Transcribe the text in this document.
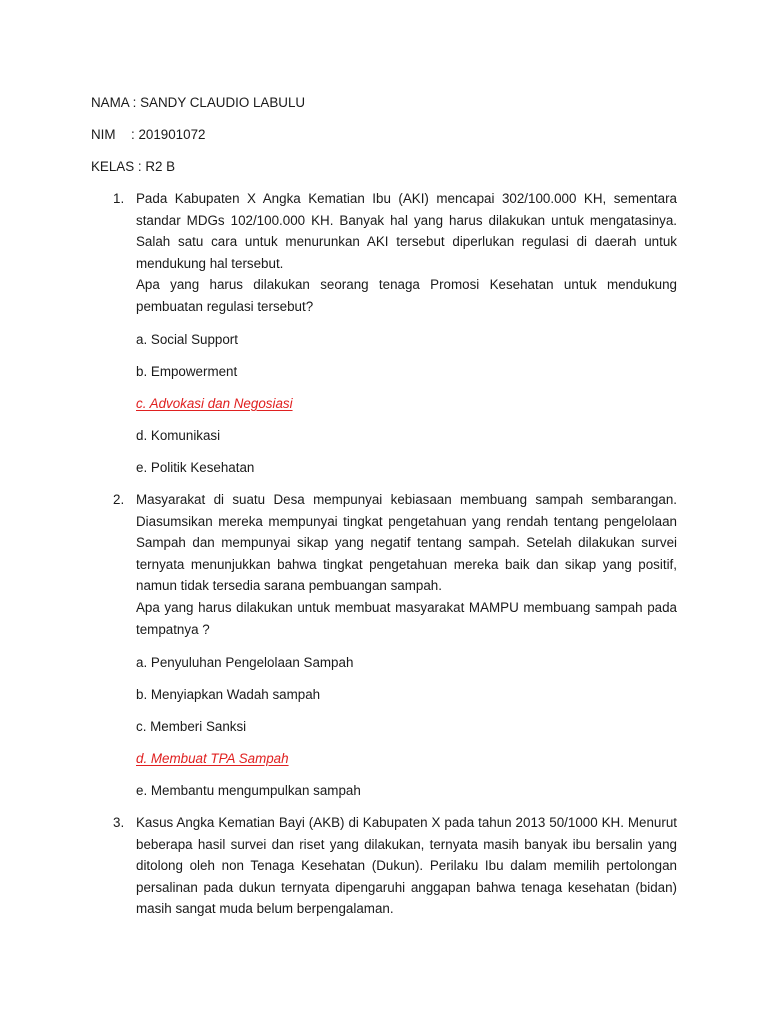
NAMA : SANDY CLAUDIO LABULU
NIM : 201901072
KELAS : R2 B
1. Pada Kabupaten X Angka Kematian Ibu (AKI) mencapai 302/100.000 KH, sementara standar MDGs 102/100.000 KH. Banyak hal yang harus dilakukan untuk mengatasinya. Salah satu cara untuk menurunkan AKI tersebut diperlukan regulasi di daerah untuk mendukung hal tersebut.

Apa yang harus dilakukan seorang tenaga Promosi Kesehatan untuk mendukung pembuatan regulasi tersebut?

a. Social Support
b. Empowerment
c. Advokasi dan Negosiasi
d. Komunikasi
e. Politik Kesehatan
2. Masyarakat di suatu Desa mempunyai kebiasaan membuang sampah sembarangan. Diasumsikan mereka mempunyai tingkat pengetahuan yang rendah tentang pengelolaan Sampah dan mempunyai sikap yang negatif tentang sampah. Setelah dilakukan survei ternyata menunjukkan bahwa tingkat pengetahuan mereka baik dan sikap yang positif, namun tidak tersedia sarana pembuangan sampah.

Apa yang harus dilakukan untuk membuat masyarakat MAMPU membuang sampah pada tempatnya ?

a. Penyuluhan Pengelolaan Sampah
b. Menyiapkan Wadah sampah
c. Memberi Sanksi
d. Membuat TPA Sampah
e. Membantu mengumpulkan sampah
3. Kasus Angka Kematian Bayi (AKB) di Kabupaten X pada tahun 2013 50/1000 KH. Menurut beberapa hasil survei dan riset yang dilakukan, ternyata masih banyak ibu bersalin yang ditolong oleh non Tenaga Kesehatan (Dukun). Perilaku Ibu dalam memilih pertolongan persalinan pada dukun ternyata dipengaruhi anggapan bahwa tenaga kesehatan (bidan) masih sangat muda belum berpengalaman.
